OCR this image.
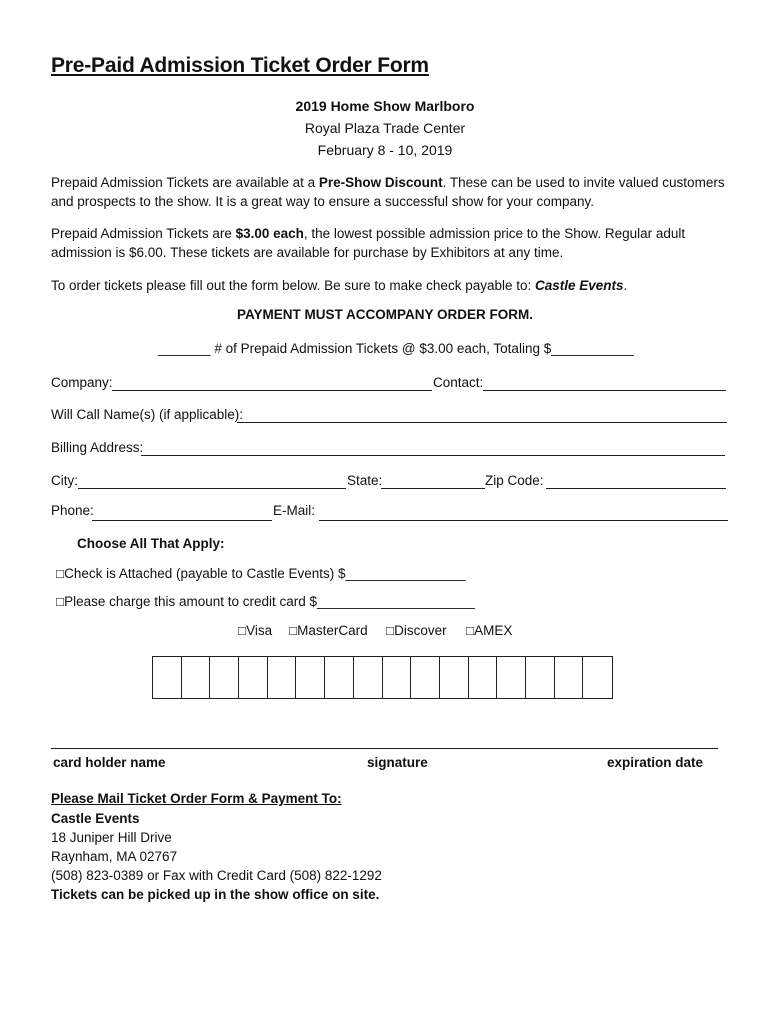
Pre-Paid Admission Ticket Order Form
2019 Home Show Marlboro
Royal Plaza Trade Center
February 8 - 10, 2019
Prepaid Admission Tickets are available at a Pre-Show Discount. These can be used to invite valued customers and prospects to the show. It is a great way to ensure a successful show for your company.
Prepaid Admission Tickets are $3.00 each, the lowest possible admission price to the Show. Regular adult admission is $6.00. These tickets are available for purchase by Exhibitors at any time.
To order tickets please fill out the form below. Be sure to make check payable to: Castle Events.
PAYMENT MUST ACCOMPANY ORDER FORM.
_______ # of Prepaid Admission Tickets @ $3.00 each, Totaling $___________
Company:	Contact:
Will Call Name(s) (if applicable):
Billing Address:
City:	State:	Zip Code:
Phone:	E-Mail:
Choose All That Apply:
□Check is Attached (payable to Castle Events) $________________
□Please charge this amount to credit card $_____________________
□Visa □MasterCard □Discover □AMEX
card holder name	signature	expiration date
Please Mail Ticket Order Form & Payment To:
Castle Events
18 Juniper Hill Drive
Raynham, MA 02767
(508) 823-0389 or Fax with Credit Card (508) 822-1292
Tickets can be picked up in the show office on site.
